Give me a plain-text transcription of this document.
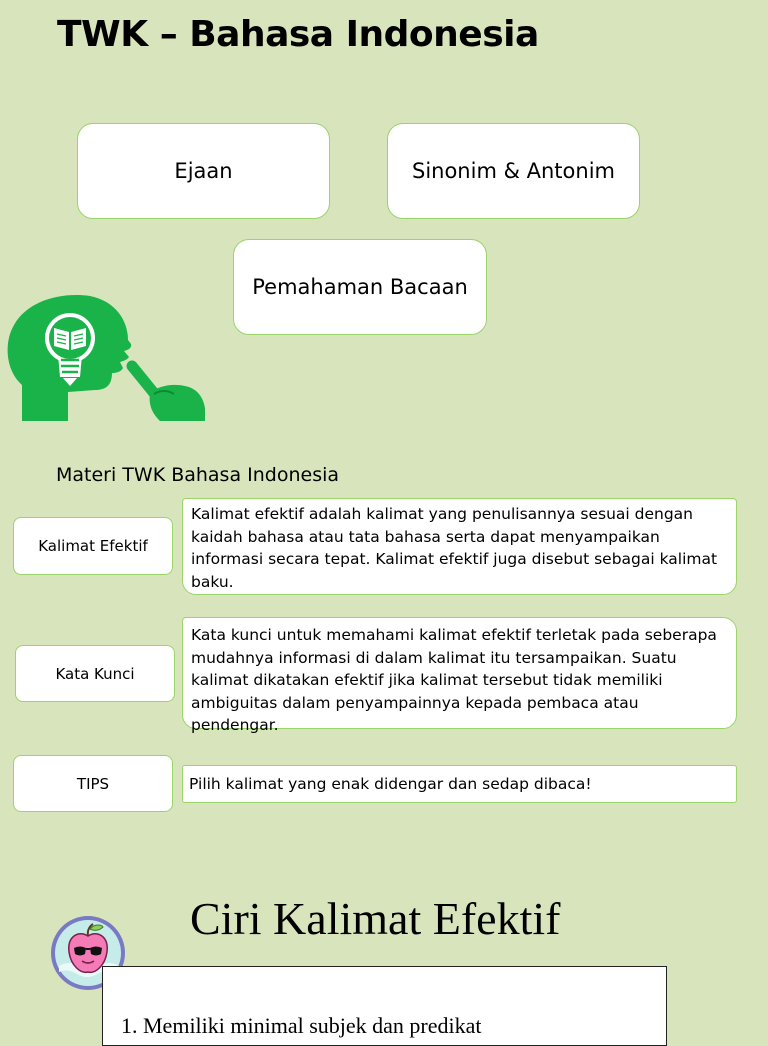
TWK – Bahasa Indonesia
Ejaan	Sinonim & Antonim
Pemahaman Bacaan
Materi TWK Bahasa Indonesia
Kalimat Efektif
Kalimat efektif adalah kalimat yang penulisannya sesuai dengan kaidah bahasa atau tata bahasa serta dapat menyampaikan informasi secara tepat. Kalimat efektif juga disebut sebagai kalimat baku.
Kata Kunci
Kata kunci untuk memahami kalimat efektif terletak pada seberapa mudahnya informasi di dalam kalimat itu tersampaikan. Suatu kalimat dikatakan efektif jika kalimat tersebut tidak memiliki ambiguitas dalam penyampainnya kepada pembaca atau pendengar.
TIPS	Pilih kalimat yang enak didengar dan sedap dibaca!
Ciri Kalimat Efektif
1. Memiliki minimal subjek dan predikat
